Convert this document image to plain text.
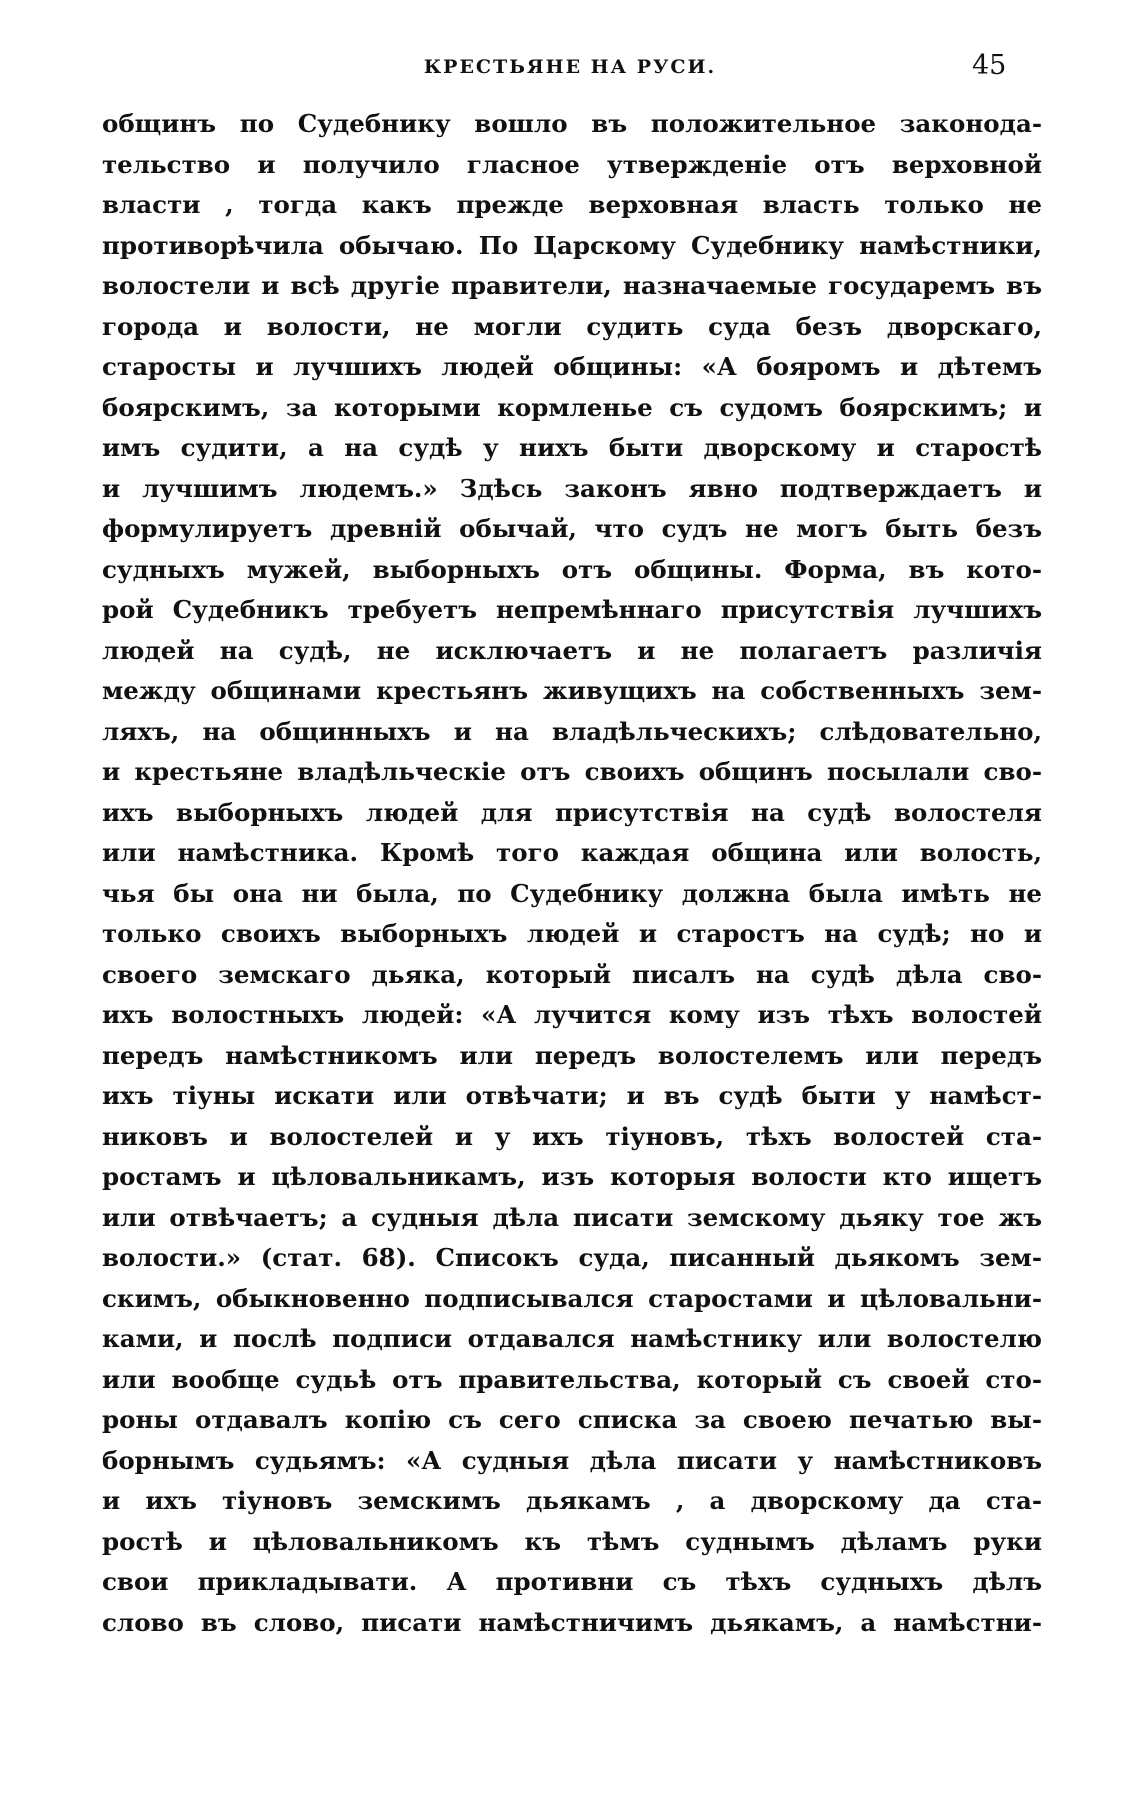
КРЕСТЬЯНЕ НА РУСИ.	45
общинъ по Судебнику вошло въ положительное законода-
тельство и получило гласное утвержденіе отъ верховной
власти , тогда какъ прежде верховная власть только не
противорѣчила обычаю. По Царскому Судебнику намѣстники,
волостели и всѣ другіе правители, назначаемые государемъ въ
города и волости, не могли судить суда безъ дворскаго,
старосты и лучшихъ людей общины: «А бояромъ и дѣтемъ
боярскимъ, за которыми кормленье съ судомъ боярскимъ; и
имъ судити, а на судѣ у нихъ быти дворскому и старостѣ
и лучшимъ людемъ.» Здѣсь законъ явно подтверждаетъ и
формулируетъ древній обычай, что судъ не могъ быть безъ
судныхъ мужей, выборныхъ отъ общины. Форма, въ кото-
рой Судебникъ требуетъ непремѣннаго присутствія лучшихъ
людей на судѣ, не исключаетъ и не полагаетъ различія
между общинами крестьянъ живущихъ на собственныхъ зем-
ляхъ, на общинныхъ и на владѣльческихъ; слѣдовательно,
и крестьяне владѣльческіе отъ своихъ общинъ посылали сво-
ихъ выборныхъ людей для присутствія на судѣ волостеля
или намѣстника. Кромѣ того каждая община или волость,
чья бы она ни была, по Судебнику должна была имѣть не
только своихъ выборныхъ людей и старостъ на судѣ; но и
своего земскаго дьяка, который писалъ на судѣ дѣла сво-
ихъ волостныхъ людей: «А лучится кому изъ тѣхъ волостей
передъ намѣстникомъ или передъ волостелемъ или передъ
ихъ тіуны искати или отвѣчати; и въ судѣ быти у намѣст-
никовъ и волостелей и у ихъ тіуновъ, тѣхъ волостей ста-
ростамъ и цѣловальникамъ, изъ которыя волости кто ищетъ
или отвѣчаетъ; а судныя дѣла писати земскому дьяку тое жъ
волости.» (стат. 68). Списокъ суда, писанный дьякомъ зем-
скимъ, обыкновенно подписывался старостами и цѣловальни-
ками, и послѣ подписи отдавался намѣстнику или волостелю
или вообще судьѣ отъ правительства, который съ своей сто-
роны отдавалъ копію съ сего списка за своею печатью вы-
борнымъ судьямъ: «А судныя дѣла писати у намѣстниковъ
и ихъ тіуновъ земскимъ дьякамъ , а дворскому да ста-
ростѣ и цѣловальникомъ къ тѣмъ суднымъ дѣламъ руки
свои прикладывати. А противни съ тѣхъ судныхъ дѣлъ
слово въ слово, писати намѣстничимъ дьякамъ, а намѣстни-
